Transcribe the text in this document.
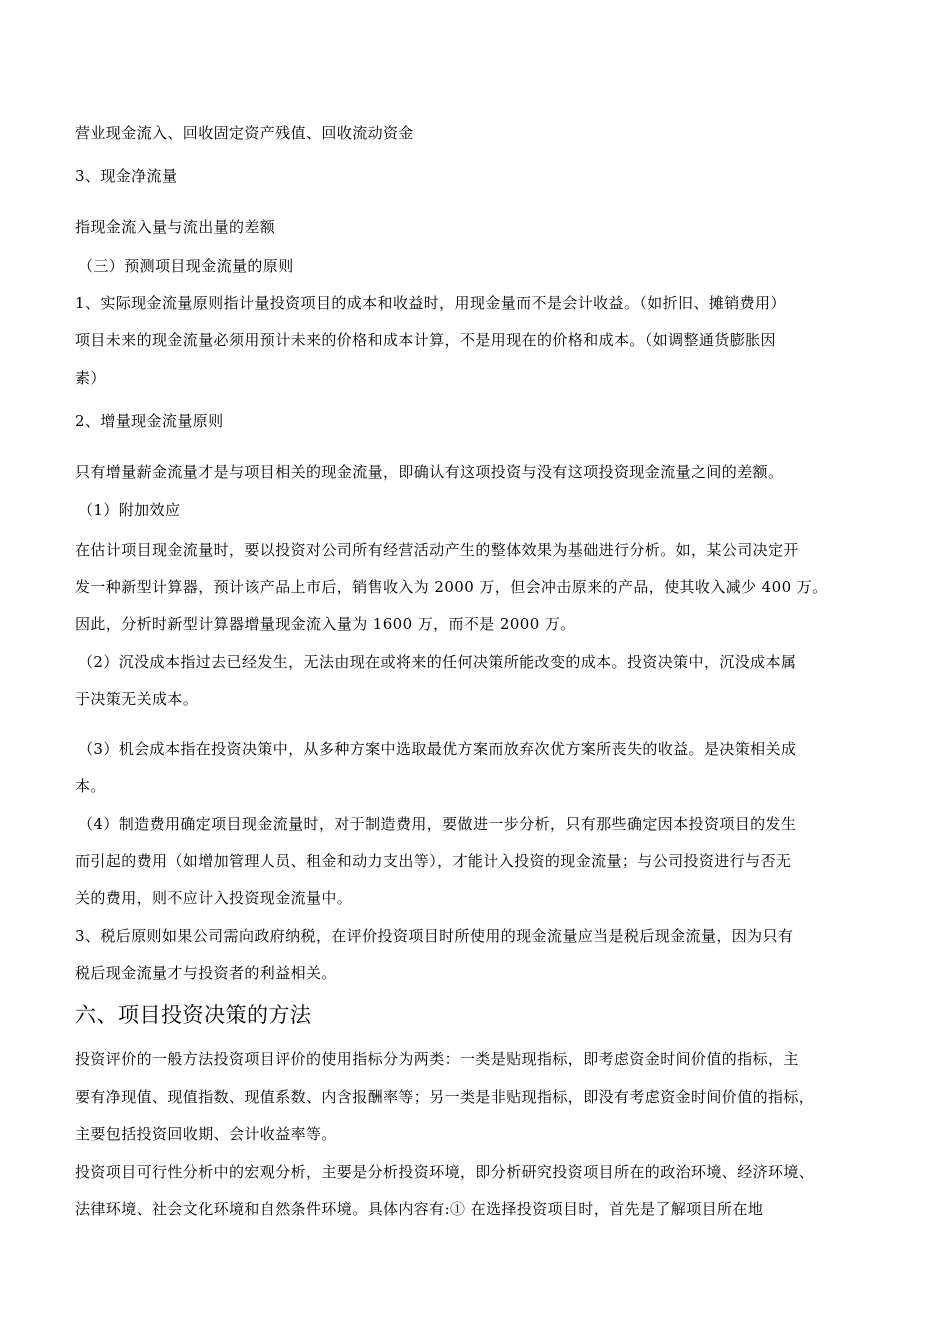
营业现金流入、回收固定资产残值、回收流动资金
3、现金净流量
指现金流入量与流出量的差额
（三）预测项目现金流量的原则
1、实际现金流量原则指计量投资项目的成本和收益时，用现金量而不是会计收益。（如折旧、摊销费用）
项目未来的现金流量必须用预计未来的价格和成本计算，不是用现在的价格和成本。（如调整通货膨胀因
素）
2、增量现金流量原则
只有增量薪金流量才是与项目相关的现金流量，即确认有这项投资与没有这项投资现金流量之间的差额。
（1）附加效应
在估计项目现金流量时，要以投资对公司所有经营活动产生的整体效果为基础进行分析。如，某公司决定开
发一种新型计算器，预计该产品上市后，销售收入为 2000 万，但会冲击原来的产品，使其收入减少 400 万。
因此，分析时新型计算器增量现金流入量为 1600 万，而不是 2000 万。
（2）沉没成本指过去已经发生，无法由现在或将来的任何决策所能改变的成本。投资决策中，沉没成本属
于决策无关成本。
（3）机会成本指在投资决策中，从多种方案中选取最优方案而放弃次优方案所丧失的收益。是决策相关成
本。
（4）制造费用确定项目现金流量时，对于制造费用，要做进一步分析，只有那些确定因本投资项目的发生
而引起的费用（如增加管理人员、租金和动力支出等），才能计入投资的现金流量；与公司投资进行与否无
关的费用，则不应计入投资现金流量中。
3、税后原则如果公司需向政府纳税，在评价投资项目时所使用的现金流量应当是税后现金流量，因为只有
税后现金流量才与投资者的利益相关。
六、项目投资决策的方法
投资评价的一般方法投资项目评价的使用指标分为两类：一类是贴现指标，即考虑资金时间价值的指标，主
要有净现值、现值指数、现值系数、内含报酬率等；另一类是非贴现指标，即没有考虑资金时间价值的指标，
主要包括投资回收期、会计收益率等。
投资项目可行性分析中的宏观分析，主要是分析投资环境，即分析研究投资项目所在的政治环境、经济环境、
法律环境、社会文化环境和自然条件环境。具体内容有:① 在选择投资项目时，首先是了解项目所在地
